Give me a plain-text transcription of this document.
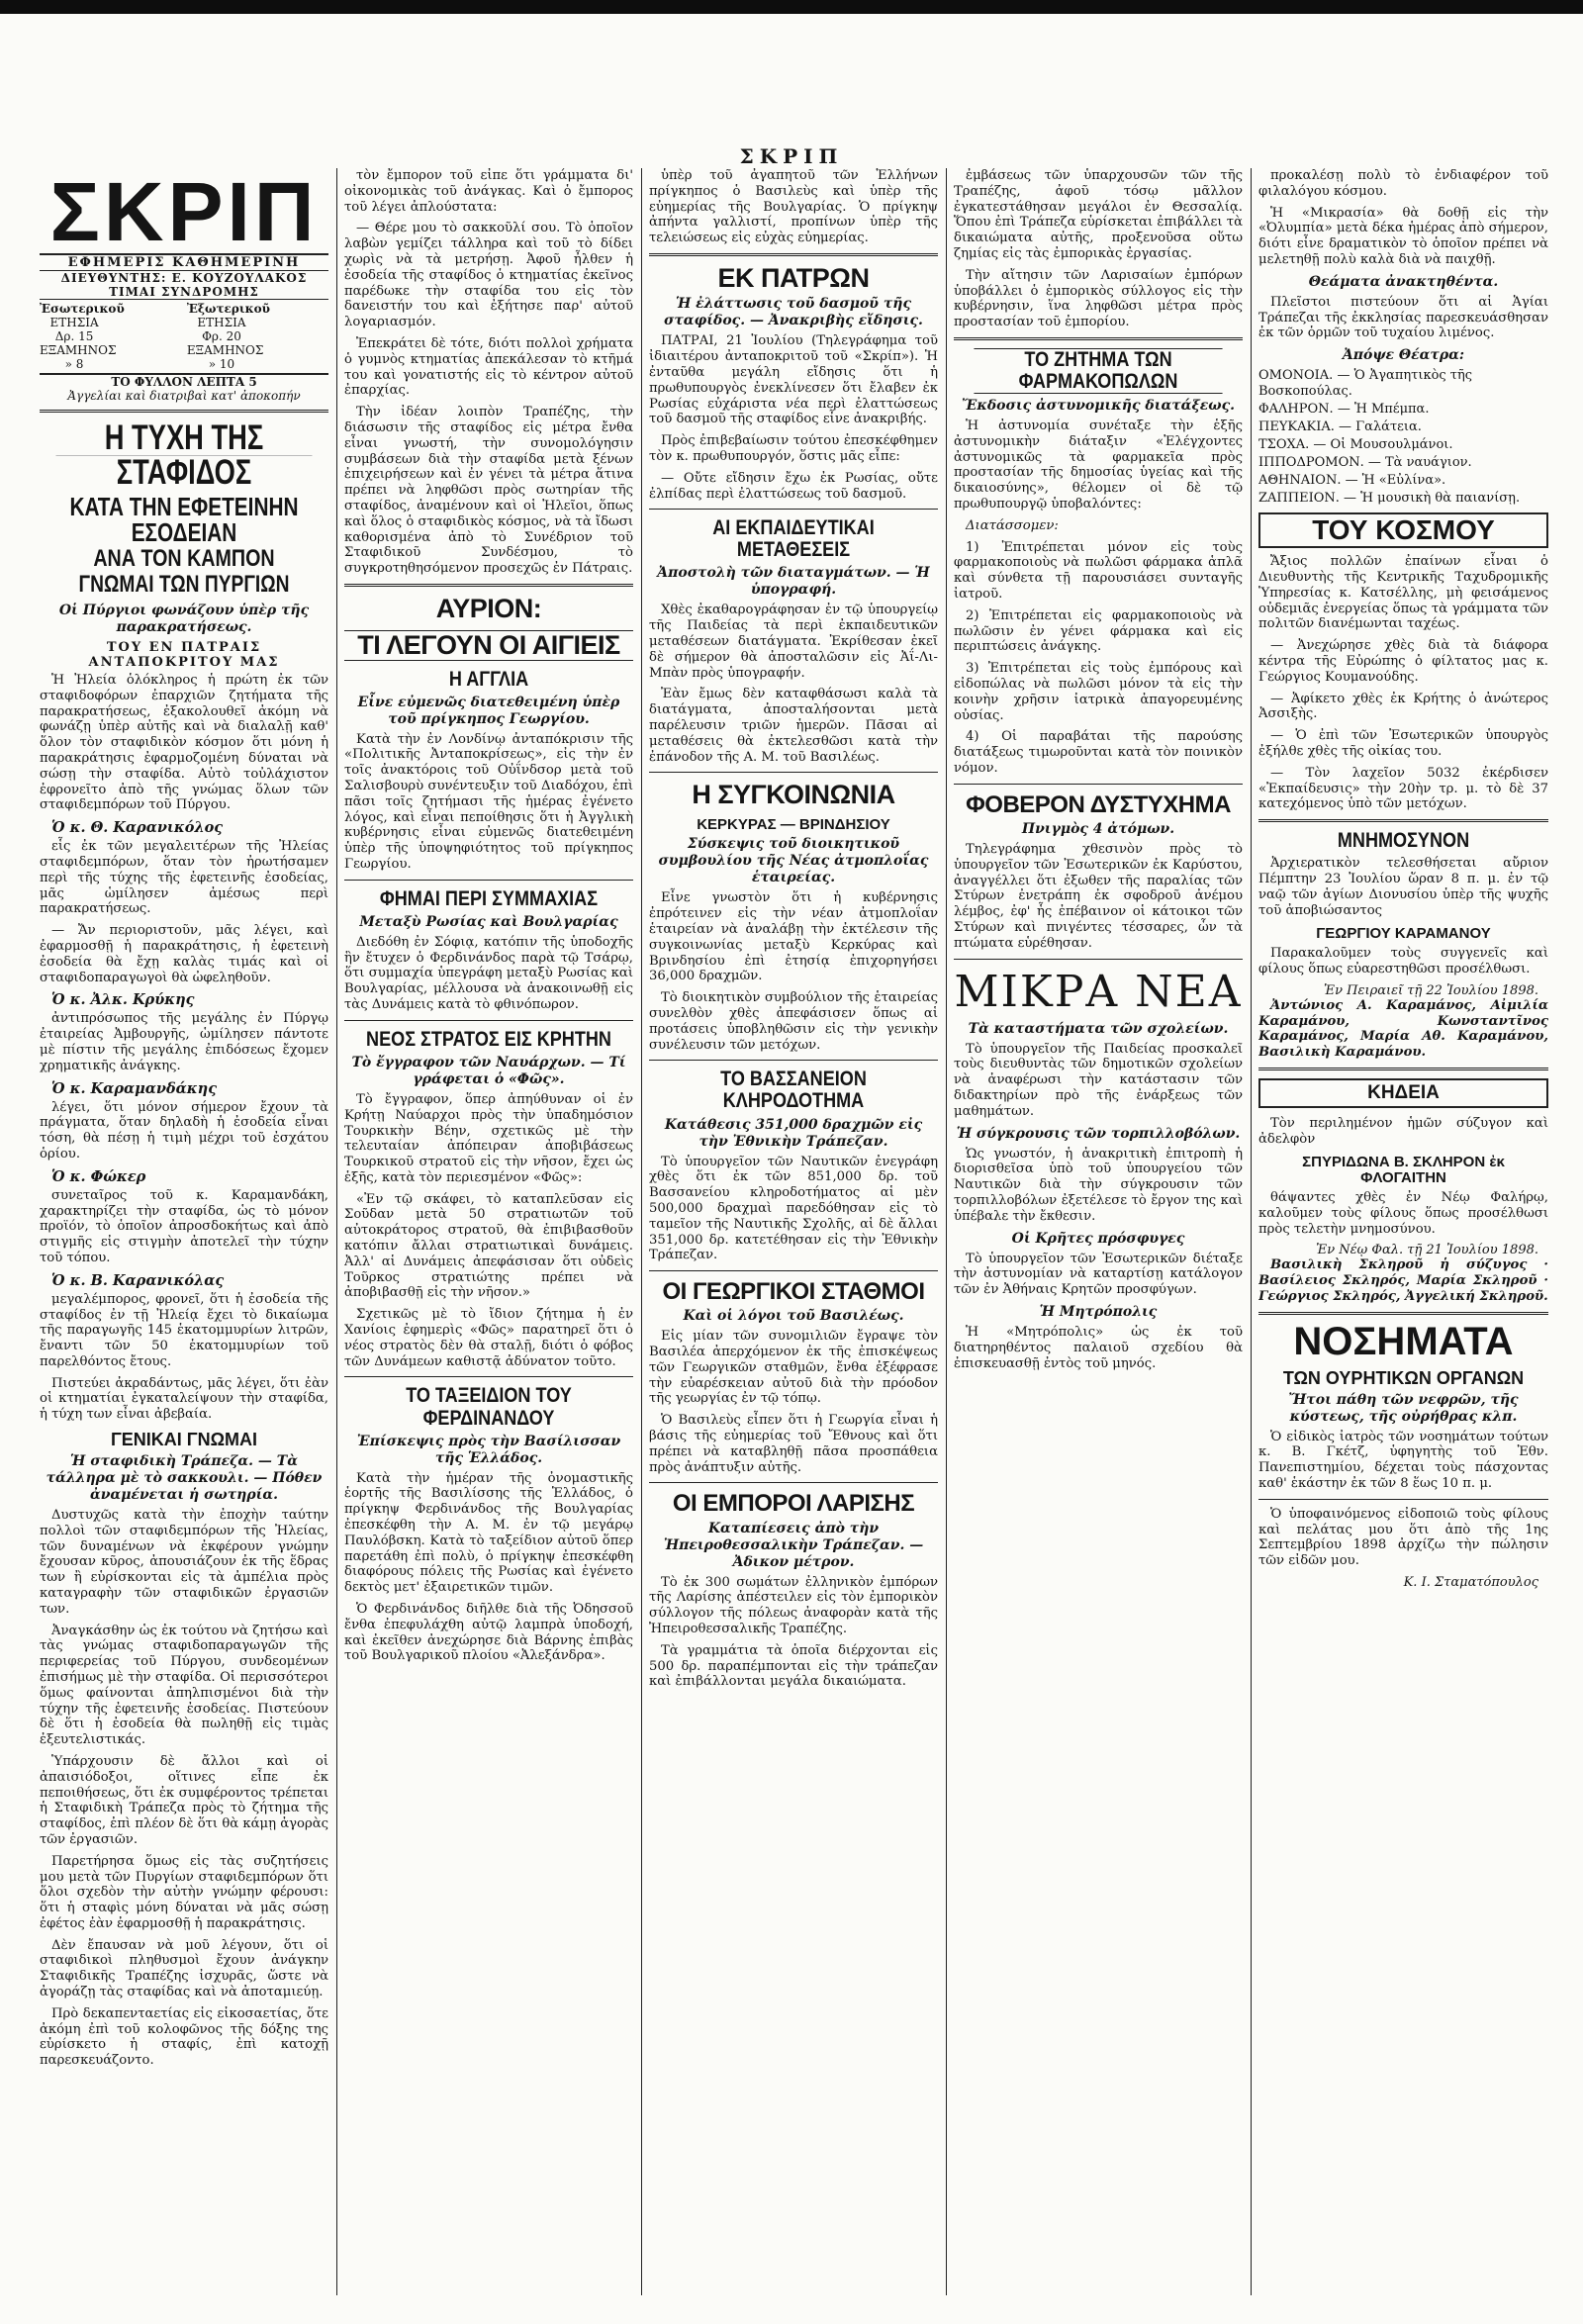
ΣΚΡΙΠ
ΣΚΡΙΠ
ΕΦΗΜΕΡΙΣ ΚΑΘΗΜΕΡΙΝΗ
ΔΙΕΥΘΥΝΤΗΣ: Ε. ΚΟΥΖΟΥΛΑΚΟΣ
ΤΙΜΑΙ ΣΥΝΔΡΟΜΗΣ
Ἐσωτερικοῦ
ΕΤΗΣΙΑ Δρ. 15
ΕΞΑΜΗΝΟΣ » 8
Ἐξωτερικοῦ
ΕΤΗΣΙΑ Φρ. 20
ΕΞΑΜΗΝΟΣ » 10
ΤΟ ΦΥΛΛΟΝ ΛΕΠΤΑ 5
Ἀγγελίαι καὶ διατριβαὶ κατ' ἀποκοπήν
Η ΤΥΧΗ ΤΗΣ ΣΤΑΦΙΔΟΣ
ΚΑΤΑ ΤΗΝ ΕΦΕΤΕΙΝΗΝ ΕΣΟΔΕΙΑΝ
ΑΝΑ ΤΟΝ ΚΑΜΠΟΝ
ΓΝΩΜΑΙ ΤΩΝ ΠΥΡΓΙΩΝ
Οἱ Πύργιοι φωνάζουν ὑπὲρ τῆς παρακρατήσεως.
ΤΟΥ ΕΝ ΠΑΤΡΑΙΣ ΑΝΤΑΠΟΚΡΙΤΟΥ ΜΑΣ

Ἡ Ἠλεία ὁλόκληρος ἡ πρώτη ἐκ τῶν σταφιδοφόρων ἐπαρχιῶν ζητήματα τῆς παρακρατήσεως, ἐξακολουθεῖ ἀκόμη νὰ φωνάζῃ ὑπὲρ αὐτῆς καὶ νὰ διαλαλῇ καθ' ὅλον τὸν σταφιδικὸν κόσμον ὅτι μόνη ἡ παρακράτησις ἐφαρμοζομένη δύναται νὰ σώσῃ τὴν σταφίδα. Αὐτὸ τοὐλάχιστον ἐφρονεῖτο ἀπὸ τῆς γνώμας ὅλων τῶν σταφιδεμπόρων τοῦ Πύργου.

Ὁ κ. Θ. Καρανικόλος

εἷς ἐκ τῶν μεγαλειτέρων τῆς Ἠλείας σταφιδεμπόρων, ὅταν τὸν ἠρωτήσαμεν περὶ τῆς τύχης τῆς ἐφετεινῆς ἐσοδείας, μᾶς ὡμίλησεν ἀμέσως περὶ παρακρατήσεως.

— Ἄν περιοριστοῦν, μᾶς λέγει, καὶ ἐφαρμοσθῇ ἡ παρακράτησις, ἡ ἐφετεινὴ ἐσοδεία θὰ ἔχῃ καλὰς τιμάς καὶ οἱ σταφιδοπαραγωγοὶ θὰ ὠφεληθοῦν.

Ὁ κ. Ἀλκ. Κρύκης

ἀντιπρόσωπος τῆς μεγάλης ἐν Πύργῳ ἐταιρείας Ἀμβουργῆς, ὡμίλησεν πάντοτε μὲ πίστιν τῆς μεγάλης ἐπιδόσεως ἔχομεν χρηματικῆς ἀνάγκης.

Ὁ κ. Καραμανδάκης

λέγει, ὅτι μόνον σήμερον ἔχουν τὰ πράγματα, ὅταν δηλαδὴ ἡ ἐσοδεία εἶναι τόση, θὰ πέσῃ ἡ τιμὴ μέχρι τοῦ ἐσχάτου ὁρίου.

Ὁ κ. Φώκερ

συνεταῖρος τοῦ κ. Καραμανδάκη, χαρακτηρίζει τὴν σταφίδα, ὡς τὸ μόνον προϊόν, τὸ ὁποῖον ἀπροσδοκήτως καὶ ἀπὸ στιγμῆς εἰς στιγμὴν ἀποτελεῖ τὴν τύχην τοῦ τόπου.

Ὁ κ. Β. Καρανικόλας

μεγαλέμπορος, φρονεῖ, ὅτι ἡ ἐσοδεία τῆς σταφίδος ἐν τῇ Ἠλείᾳ ἔχει τὸ δικαίωμα τῆς παραγωγῆς 145 ἑκατομμυρίων λιτρῶν, ἔναντι τῶν 50 ἑκατομμυρίων τοῦ παρελθόντος ἔτους.

Πιστεύει ἀκραδάντως, μᾶς λέγει, ὅτι ἐὰν οἱ κτηματίαι ἐγκαταλείψουν τὴν σταφίδα, ἡ τύχη των εἶναι ἀβεβαία.

ΓΕΝΙΚΑΙ ΓΝΩΜΑΙ
Ἡ σταφιδικὴ Τράπεζα. — Τὰ τάλληρα μὲ τὸ σακκουλι. — Πόθεν ἀναμένεται ἡ σωτηρία.

Δυστυχῶς κατὰ τὴν ἐποχὴν ταύτην πολλοὶ τῶν σταφιδεμπόρων τῆς Ἠλείας, τῶν δυναμένων νὰ ἐκφέρουν γνώμην ἔχουσαν κῦρος, ἀπουσιάζουν ἐκ τῆς ἕδρας των ἢ εὑρίσκονται εἰς τὰ ἀμπέλια πρὸς καταγραφὴν τῶν σταφιδικῶν ἐργασιῶν των.

Ἀναγκάσθην ὡς ἐκ τούτου νὰ ζητήσω καὶ τὰς γνώμας σταφιδοπαραγωγῶν τῆς περιφερείας τοῦ Πύργου, συνδεομένων ἐπισήμως μὲ τὴν σταφίδα. Οἱ περισσότεροι ὅμως φαίνονται ἀπηλπισμένοι διὰ τὴν τύχην τῆς ἐφετεινῆς ἐσοδείας. Πιστεύουν δὲ ὅτι ἡ ἐσοδεία θὰ πωληθῇ εἰς τιμὰς ἐξευτελιστικάς.

Ὑπάρχουσιν δὲ ἄλλοι καὶ οἱ ἀπαισιόδοξοι, οἵτινες εἶπε ἐκ πεποιθήσεως, ὅτι ἐκ συμφέροντος τρέπεται ἡ Σταφιδικὴ Τράπεζα πρὸς τὸ ζήτημα τῆς σταφίδος, ἐπὶ πλέον δὲ ὅτι θὰ κάμῃ ἀγορὰς τῶν ἐργασιῶν.

Παρετήρησα ὅμως εἰς τὰς συζητήσεις μου μετὰ τῶν Πυργίων σταφιδεμπόρων ὅτι ὅλοι σχεδὸν τὴν αὐτὴν γνώμην φέρουσι: ὅτι ἡ σταφὶς μόνη δύναται νὰ μᾶς σώσῃ ἐφέτος ἐὰν ἐφαρμοσθῇ ἡ παρακράτησις.

Δὲν ἔπαυσαν νὰ μοῦ λέγουν, ὅτι οἱ σταφιδικοὶ πληθυσμοὶ ἔχουν ἀνάγκην Σταφιδικῆς Τραπέζης ἰσχυρᾶς, ὥστε νὰ ἀγοράζῃ τὰς σταφίδας καὶ νὰ ἀποταμιεύῃ.

Πρὸ δεκαπενταετίας εἰς εἰκοσαετίας, ὅτε ἀκόμη ἐπὶ τοῦ κολοφῶνος τῆς δόξης της εὑρίσκετο ἡ σταφίς, ἐπὶ κατοχῇ παρεσκευάζοντο.

τὸν ἔμπορον τοῦ εἶπε ὅτι γράμματα δι' οἰκονομικὰς τοῦ ἀνάγκας. Καὶ ὁ ἔμπορος τοῦ λέγει ἀπλούστατα:

— Θέρε μου τὸ σακκοῦλί σου. Τὸ ὁποῖον λαβὼν γεμίζει τάλληρα καὶ τοῦ τὸ δίδει χωρὶς νὰ τὰ μετρήσῃ. Ἀφοῦ ἦλθεν ἡ ἐσοδεία τῆς σταφίδος ὁ κτηματίας ἐκεῖνος παρέδωκε τὴν σταφίδα του εἰς τὸν δανειστήν του καὶ ἐξήτησε παρ' αὐτοῦ λογαριασμόν.

Ἐπεκράτει δὲ τότε, διότι πολλοὶ χρήματα ὁ γυμνὸς κτηματίας ἀπεκάλεσαν τὸ κτῆμά του καὶ γονατιστής εἰς τὸ κέντρον αὐτοῦ ἐπαρχίας.

Τὴν ἰδέαν λοιπὸν Τραπέζης, τὴν διάσωσιν τῆς σταφίδος εἰς μέτρα ἔνθα εἶναι γνωστή, τὴν συνομολόγησιν συμβάσεων διὰ τὴν σταφίδα μετὰ ξένων ἐπιχειρήσεων καὶ ἐν γένει τὰ μέτρα ἅτινα πρέπει νὰ ληφθῶσι πρὸς σωτηρίαν τῆς σταφίδος, ἀναμένουν καὶ οἱ Ἠλεῖοι, ὅπως καὶ ὅλος ὁ σταφιδικὸς κόσμος, νὰ τὰ ἴδωσι καθορισμένα ἀπὸ τὸ Συνέδριον τοῦ Σταφιδικοῦ Συνδέσμου, τὸ συγκροτηθησόμενον προσεχῶς ἐν Πάτραις.

ΑΥΡΙΟΝ:
ΤΙ ΛΕΓΟΥΝ ΟΙ ΑΙΓΙΕΙΣ
Η ΑΓΓΛΙΑ
Εἶνε εὐμενῶς διατεθειμένη ὑπὲρ τοῦ πρίγκηπος Γεωργίου.

Κατὰ τὴν ἐν Λονδίνῳ ἀνταπόκρισιν τῆς «Πολιτικῆς Ἀνταποκρίσεως», εἰς τὴν ἐν τοῖς ἀνακτόροις τοῦ Οὐΐνδσορ μετὰ τοῦ Σαλισβουρὺ συνέντευξιν τοῦ Διαδόχου, ἐπὶ πᾶσι τοῖς ζητήμασι τῆς ἡμέρας ἐγένετο λόγος, καὶ εἶναι πεποίθησις ὅτι ἡ Ἀγγλικὴ κυβέρνησις εἶναι εὐμενῶς διατεθειμένη ὑπὲρ τῆς ὑποψηφιότητος τοῦ πρίγκηπος Γεωργίου.

ΦΗΜΑΙ ΠΕΡΙ ΣΥΜΜΑΧΙΑΣ
Μεταξὺ Ρωσίας καὶ Βουλγαρίας

Διεδόθη ἐν Σόφιᾳ, κατόπιν τῆς ὑποδοχῆς ἣν ἔτυχεν ὁ Φερδινάνδος παρὰ τῷ Τσάρῳ, ὅτι συμμαχία ὑπεγράφη μεταξὺ Ρωσίας καὶ Βουλγαρίας, μέλλουσα νὰ ἀνακοινωθῇ εἰς τὰς Δυνάμεις κατὰ τὸ φθινόπωρον.

ΝΕΟΣ ΣΤΡΑΤΟΣ ΕΙΣ ΚΡΗΤΗΝ
Τὸ ἔγγραφον τῶν Ναυάρχων. — Τί γράφεται ὁ «Φῶς».

Τὸ ἔγγραφον, ὅπερ ἀπηύθυναν οἱ ἐν Κρήτῃ Ναύαρχοι πρὸς τὴν ὑπαδημόσιον Τουρκικὴν Βέην, σχετικῶς μὲ τὴν τελευταίαν ἀπόπειραν ἀποβιβάσεως Τουρκικοῦ στρατοῦ εἰς τὴν νῆσον, ἔχει ὡς ἑξῆς, κατὰ τὸν περιεσμένον «Φῶς»:

«Ἐν τῷ σκάφει, τὸ καταπλεῦσαν εἰς Σοῦδαν μετὰ 50 στρατιωτῶν τοῦ αὐτοκράτορος στρατοῦ, θὰ ἐπιβιβασθοῦν κατόπιν ἄλλαι στρατιωτικαὶ δυνάμεις. Ἀλλ' αἱ Δυνάμεις ἀπεφάσισαν ὅτι οὐδεὶς Τοῦρκος στρατιώτης πρέπει νὰ ἀποβιβασθῇ εἰς τὴν νῆσον.»

Σχετικῶς μὲ τὸ ἴδιον ζήτημα ἡ ἐν Χανίοις ἐφημερὶς «Φῶς» παρατηρεῖ ὅτι ὁ νέος στρατὸς δὲν θὰ σταλῇ, διότι ὁ φόβος τῶν Δυνάμεων καθιστᾷ ἀδύνατον τοῦτο.

ΤΟ ΤΑΞΕΙΔΙΟΝ ΤΟΥ ΦΕΡΔΙΝΑΝΔΟΥ
Ἐπίσκεψις πρὸς τὴν Βασίλισσαν τῆς Ἑλλάδος.

Κατὰ τὴν ἡμέραν τῆς ὀνομαστικῆς ἑορτῆς τῆς Βασιλίσσης τῆς Ἑλλάδος, ὁ πρίγκηψ Φερδινάνδος τῆς Βουλγαρίας ἐπεσκέφθη τὴν Α. Μ. ἐν τῷ μεγάρῳ Παυλόβσκη. Κατὰ τὸ ταξείδιον αὐτοῦ ὅπερ παρετάθη ἐπὶ πολὺ, ὁ πρίγκηψ ἐπεσκέφθη διαφόρους πόλεις τῆς Ρωσίας καὶ ἐγένετο δεκτὸς μετ' ἐξαιρετικῶν τιμῶν.

Ὁ Φερδινάνδος διῆλθε διὰ τῆς Ὀδησσοῦ ἔνθα ἐπεφυλάχθη αὐτῷ λαμπρὰ ὑποδοχή, καὶ ἐκεῖθεν ἀνεχώρησε διὰ Βάρνης ἐπιβὰς τοῦ Βουλγαρικοῦ πλοίου «Ἀλεξάνδρα».

ὑπὲρ τοῦ ἀγαπητοῦ τῶν Ἑλλήνων πρίγκηπος ὁ Βασιλεὺς καὶ ὑπὲρ τῆς εὐημερίας τῆς Βουλγαρίας. Ὁ πρίγκηψ ἀπήντα γαλλιστί, προπίνων ὑπὲρ τῆς τελειώσεως εἰς εὐχὰς εὐημερίας.

ΕΚ ΠΑΤΡΩΝ
Ἡ ἐλάττωσις τοῦ δασμοῦ τῆς σταφίδος. — Ἀνακριβὴς εἴδησις.

ΠΑΤΡΑΙ, 21 Ἰουλίου (Τηλεγράφημα τοῦ ἰδιαιτέρου ἀνταποκριτοῦ τοῦ «Σκρίπ»). Ἡ ἐνταῦθα μεγάλη εἴδησις ὅτι ἡ πρωθυπουργὸς ἐνεκλίνεσεν ὅτι ἔλαβεν ἐκ Ρωσίας εὐχάριστα νέα περὶ ἐλαττώσεως τοῦ δασμοῦ τῆς σταφίδος εἶνε ἀνακριβής.

Πρὸς ἐπιβεβαίωσιν τούτου ἐπεσκέφθημεν τὸν κ. πρωθυπουργόν, ὅστις μᾶς εἶπε:

— Οὔτε εἴδησιν ἔχω ἐκ Ρωσίας, οὔτε ἐλπίδας περὶ ἐλαττώσεως τοῦ δασμοῦ.

ΑΙ ΕΚΠΑΙΔΕΥΤΙΚΑΙ ΜΕΤΑΘΕΣΕΙΣ
Ἀποστολὴ τῶν διαταγμάτων. — Ἡ ὑπογραφή.

Χθὲς ἐκαθαρογράφησαν ἐν τῷ ὑπουργείῳ τῆς Παιδείας τὰ περὶ ἐκπαιδευτικῶν μεταθέσεων διατάγματα. Ἐκρίθεσαν ἐκεῖ δὲ σήμερον θὰ ἀποσταλῶσιν εἰς Ἀΐ-Λι-Μπὰν πρὸς ὑπογραφήν.

Ἐὰν ἔμως δὲν καταφθάσωσι καλὰ τὰ διατάγματα, ἀποσταλήσονται μετὰ παρέλευσιν τριῶν ἡμερῶν. Πᾶσαι αἱ μεταθέσεις θὰ ἐκτελεσθῶσι κατὰ τὴν ἐπάνοδον τῆς Α. Μ. τοῦ Βασιλέως.

Η ΣΥΓΚΟΙΝΩΝΙΑ
ΚΕΡΚΥΡΑΣ — ΒΡΙΝΔΗΣΙΟΥ
Σύσκεψις τοῦ διοικητικοῦ συμβουλίου τῆς Νέας ἀτμοπλοΐας ἑταιρείας.

Εἶνε γνωστὸν ὅτι ἡ κυβέρνησις ἐπρότεινεν εἰς τὴν νέαν ἀτμοπλοΐαν ἑταιρείαν νὰ ἀναλάβῃ τὴν ἐκτέλεσιν τῆς συγκοινωνίας μεταξὺ Κερκύρας καὶ Βρινδησίου ἐπὶ ἐτησίᾳ ἐπιχορηγήσει 36,000 δραχμῶν.

Τὸ διοικητικὸν συμβούλιον τῆς ἑταιρείας συνελθὸν χθὲς ἀπεφάσισεν ὅπως αἱ προτάσεις ὑποβληθῶσιν εἰς τὴν γενικὴν συνέλευσιν τῶν μετόχων.

ΤΟ ΒΑΣΣΑΝΕΙΟΝ ΚΛΗΡΟΔΟΤΗΜΑ
Κατάθεσις 351,000 δραχμῶν εἰς τὴν Ἐθνικὴν Τράπεζαν.

Τὸ ὑπουργεῖον τῶν Ναυτικῶν ἐνεγράφη χθὲς ὅτι ἐκ τῶν 851,000 δρ. τοῦ Βασσανείου κληροδοτήματος αἱ μὲν 500,000 δραχμαὶ παρεδόθησαν εἰς τὸ ταμεῖον τῆς Ναυτικῆς Σχολῆς, αἱ δὲ ἄλλαι 351,000 δρ. κατετέθησαν εἰς τὴν Ἐθνικὴν Τράπεζαν.

ΟΙ ΓΕΩΡΓΙΚΟΙ ΣΤΑΘΜΟΙ
Καὶ οἱ λόγοι τοῦ Βασιλέως.

Εἰς μίαν τῶν συνομιλιῶν ἔγραψε τὸν Βασιλέα ἀπερχόμενον ἐκ τῆς ἐπισκέψεως τῶν Γεωργικῶν σταθμῶν, ἔνθα ἐξέφρασε τὴν εὐαρέσκειαν αὐτοῦ διὰ τὴν πρόοδον τῆς γεωργίας ἐν τῷ τόπῳ.

Ὁ Βασιλεὺς εἶπεν ὅτι ἡ Γεωργία εἶναι ἡ βάσις τῆς εὐημερίας τοῦ Ἔθνους καὶ ὅτι πρέπει νὰ καταβληθῇ πᾶσα προσπάθεια πρὸς ἀνάπτυξιν αὐτῆς.

ΟΙ ΕΜΠΟΡΟΙ ΛΑΡΙΣΗΣ
Καταπίεσεις ἀπὸ τὴν Ἠπειροθεσσαλικὴν Τράπεζαν. — Ἀδικον μέτρον.

Τὸ ἐκ 300 σωμάτων ἐλληνικὸν ἐμπόρων τῆς Λαρίσης ἀπέστειλεν εἰς τὸν ἐμπορικὸν σύλλογον τῆς πόλεως ἀναφορὰν κατὰ τῆς Ἠπειροθεσσαλικῆς Τραπέζης.

Τὰ γραμμάτια τὰ ὁποῖα διέρχονται εἰς 500 δρ. παραπέμπονται εἰς τὴν τράπεζαν καὶ ἐπιβάλλονται μεγάλα δικαιώματα.

ἐμβάσεως τῶν ὑπαρχουσῶν τῶν τῆς Τραπέζης, ἀφοῦ τόσῳ μᾶλλον ἐγκατεστάθησαν μεγάλοι ἐν Θεσσαλίᾳ. Ὅπου ἐπὶ Τράπεζα εὑρίσκεται ἐπιβάλλει τὰ δικαιώματα αὐτῆς, προξενοῦσα οὕτω ζημίας εἰς τὰς ἐμπορικὰς ἐργασίας.

Τὴν αἴτησιν τῶν Λαρισαίων ἐμπόρων ὑποβάλλει ὁ ἐμπορικὸς σύλλογος εἰς τὴν κυβέρνησιν, ἵνα ληφθῶσι μέτρα πρὸς προστασίαν τοῦ ἐμπορίου.

ΤΟ ΖΗΤΗΜΑ ΤΩΝ ΦΑΡΜΑΚΟΠΩΛΩΝ
Ἔκδοσις ἀστυνομικῆς διατάξεως.

Ἡ ἀστυνομία συνέταξε τὴν ἑξῆς ἀστυνομικὴν διάταξιν «Ἐλέγχοντες ἀστυνομικῶς τὰ φαρμακεῖα πρὸς προστασίαν τῆς δημοσίας ὑγείας καὶ τῆς δικαιοσύνης», θέλομεν οἱ δὲ τῷ πρωθυπουργῷ ὑποβαλόντες:

Διατάσσομεν:

1) Ἐπιτρέπεται μόνον εἰς τοὺς φαρμακοποιοὺς νὰ πωλῶσι φάρμακα ἁπλᾶ καὶ σύνθετα τῇ παρουσιάσει συνταγῆς ἰατροῦ.

2) Ἐπιτρέπεται εἰς φαρμακοποιοὺς νὰ πωλῶσιν ἐν γένει φάρμακα καὶ εἰς περιπτώσεις ἀνάγκης.

3) Ἐπιτρέπεται εἰς τοὺς ἐμπόρους καὶ εἰδοπώλας νὰ πωλῶσι μόνον τὰ εἰς τὴν κοινὴν χρῆσιν ἰατρικὰ ἀπαγορευμένης οὐσίας.

4) Οἱ παραβάται τῆς παρούσης διατάξεως τιμωροῦνται κατὰ τὸν ποινικὸν νόμον.

ΦΟΒΕΡΟΝ ΔΥΣΤΥΧΗΜΑ
Πνιγμὸς 4 ἀτόμων.

Τηλεγράφημα χθεσινὸν πρὸς τὸ ὑπουργεῖον τῶν Ἐσωτερικῶν ἐκ Καρύστου, ἀναγγέλλει ὅτι ἐξωθεν τῆς παραλίας τῶν Στύρων ἐνετράπη ἐκ σφοδροῦ ἀνέμου λέμβος, ἐφ' ἧς ἐπέβαινον οἱ κάτοικοι τῶν Στύρων καὶ πνιγέντες τέσσαρες, ὧν τὰ πτώματα εὑρέθησαν.

ΜΙΚΡΑ ΝΕΑ
Τὰ καταστήματα τῶν σχολείων.

Τὸ ὑπουργεῖον τῆς Παιδείας προσκαλεῖ τοὺς διευθυντὰς τῶν δημοτικῶν σχολείων νὰ ἀναφέρωσι τὴν κατάστασιν τῶν διδακτηρίων πρὸ τῆς ἐνάρξεως τῶν μαθημάτων.

Ἡ σύγκρουσις τῶν τορπιλλοβόλων.

Ὡς γνωστόν, ἡ ἀνακριτικὴ ἐπιτροπὴ ἡ διορισθεῖσα ὑπὸ τοῦ ὑπουργείου τῶν Ναυτικῶν διὰ τὴν σύγκρουσιν τῶν τορπιλλοβόλων ἐξετέλεσε τὸ ἔργον της καὶ ὑπέβαλε τὴν ἔκθεσιν.

Οἱ Κρῆτες πρόσφυγες

Τὸ ὑπουργεῖον τῶν Ἐσωτερικῶν διέταξε τὴν ἀστυνομίαν νὰ καταρτίσῃ κατάλογον τῶν ἐν Ἀθήναις Κρητῶν προσφύγων.

Ἡ Μητρόπολις

Ἡ «Μητρόπολις» ὡς ἐκ τοῦ διατηρηθέντος παλαιοῦ σχεδίου θὰ ἐπισκευασθῇ ἐντὸς τοῦ μηνός.

προκαλέσῃ πολὺ τὸ ἐνδιαφέρον τοῦ φιλαλόγου κόσμου.

Ἡ «Μικρασία» θὰ δοθῇ εἰς τὴν «Ὀλυμπία» μετὰ δέκα ἡμέρας ἀπὸ σήμερον, διότι εἶνε δραματικὸν τὸ ὁποῖον πρέπει νὰ μελετηθῇ πολὺ καλὰ διὰ νὰ παιχθῇ.

Θεάματα ἀνακτηθέντα.

Πλεῖστοι πιστεύουν ὅτι αἱ Ἁγίαι Τράπεζαι τῆς ἐκκλησίας παρεσκευάσθησαν ἐκ τῶν ὁρμῶν τοῦ τυχαίου λιμένος.

Ἀπόψε Θέατρα:
ΟΜΟΝΟΙΑ. — Ὁ Ἀγαπητικὸς τῆς Βοσκοπούλας.
ΦΑΛΗΡΟΝ. — Ἡ Μπέμπα.
ΠΕΥΚΑΚΙΑ. — Γαλάτεια.
ΤΣΟΧΑ. — Οἱ Μουσουλμάνοι.
ΙΠΠΟΔΡΟΜΟΝ. — Τὰ ναυάγιον.
ΑΘΗΝΑΙΟΝ. — Ἡ «Εὐλίνα».
ΖΑΠΠΕΙΟΝ. — Ἡ μουσικὴ θὰ παιανίσῃ.
ΤΟΥ ΚΟΣΜΟΥ

Ἄξιος πολλῶν ἐπαίνων εἶναι ὁ Διευθυντὴς τῆς Κεντρικῆς Ταχυδρομικῆς Ὑπηρεσίας κ. Κατσέλλης, μὴ φεισάμενος οὐδεμιᾶς ἐνεργείας ὅπως τὰ γράμματα τῶν πολιτῶν διανέμωνται ταχέως.

— Ἀνεχώρησε χθὲς διὰ τὰ διάφορα κέντρα τῆς Εὐρώπης ὁ φίλτατος μας κ. Γεώργιος Κουμανούδης.

— Ἀφίκετο χθὲς ἐκ Κρήτης ὁ ἀνώτερος Ἀσσιξὴς.

— Ὁ ἐπὶ τῶν Ἐσωτερικῶν ὑπουργὸς ἐξήλθε χθὲς τῆς οἰκίας του.

— Τὸν λαχεῖον 5032 ἐκέρδισεν «Ἐκπαίδευσις» τὴν 20ὴν τρ. μ. τὸ δὲ 37 κατεχόμενος ὑπὸ τῶν μετόχων.

ΜΝΗΜΟΣΥΝΟΝ

Ἀρχιερατικὸν τελεσθήσεται αὔριον Πέμπτην 23 Ἰουλίου ὥραν 8 π. μ. ἐν τῷ ναῷ τῶν ἁγίων Διονυσίου ὑπὲρ τῆς ψυχῆς τοῦ ἀποβιώσαντος

ΓΕΩΡΓΙΟΥ ΚΑΡΑΜΑΝΟΥ

Παρακαλοῦμεν τοὺς συγγενεῖς καὶ φίλους ὅπως εὐαρεστηθῶσι προσέλθωσι.

Ἐν Πειραιεῖ τῇ 22 Ἰουλίου 1898.

Ἀντώνιος Α. Καραμάνος, Αἰμιλία Καραμάνου, Κωνσταντῖνος Καραμάνος, Μαρία Αθ. Καραμάνου, Βασιλικὴ Καραμάνου.

ΚΗΔΕΙΑ

Τὸν περιλημένον ἡμῶν σύζυγον καὶ ἀδελφὸν

ΣΠΥΡΙΔΩΝΑ Β. ΣΚΛΗΡΟΝ ἐκ ΦΛΟΓΑΙΤΗΝ

θάψαντες χθὲς ἐν Νέῳ Φαλήρῳ, καλοῦμεν τοὺς φίλους ὅπως προσέλθωσι πρὸς τελετὴν μνημοσύνου.

Ἐν Νέῳ Φαλ. τῇ 21 Ἰουλίου 1898.

Βασιλικὴ Σκληροῦ ἡ σύζυγος · Βασίλειος Σκληρός, Μαρία Σκληροῦ · Γεώργιος Σκληρός, Ἀγγελική Σκληροῦ.

ΝΟΣΗΜΑΤΑ
ΤΩΝ ΟΥΡΗΤΙΚΩΝ ΟΡΓΑΝΩΝ
Ἤτοι πάθη τῶν νεφρῶν, τῆς κύστεως, τῆς οὐρήθρας κλπ.

Ὁ εἰδικὸς ἰατρὸς τῶν νοσημάτων τούτων κ. Β. Γκέτζ, ὑφηγητὴς τοῦ Ἐθν. Πανεπιστημίου, δέχεται τοὺς πάσχοντας καθ' ἑκάστην ἐκ τῶν 8 ἕως 10 π. μ.

Ὁ ὑποφαινόμενος εἰδοποιῶ τοὺς φίλους καὶ πελάτας μου ὅτι ἀπὸ τῆς 1ης Σεπτεμβρίου 1898 ἀρχίζω τὴν πώλησιν τῶν εἰδῶν μου.

Κ. Ι. Σταματόπουλος
